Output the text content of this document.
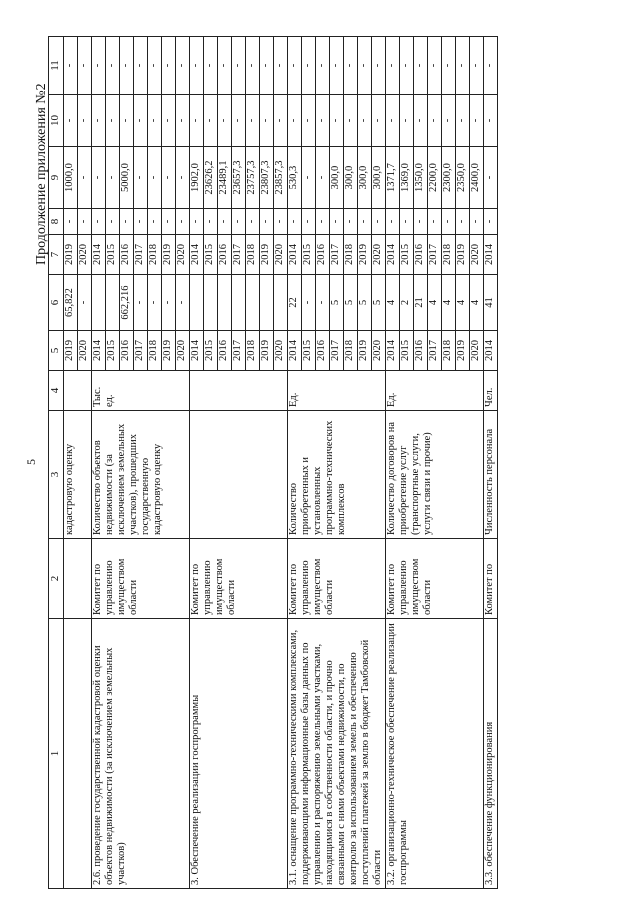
5
Продолжение приложения №2
1	2	3	4	5	6	7	8	9	10	11
		кадастровую оценку		2019	65,822	2019	-	1000,0	-	-
				2020	-	2020	-	-	-	-
2.6. проведение государственной кадастровой оценки объектов недвижимости (за исключением земельных участков)	Комитет по управлению имуществом области	Количество объектов недвижимости (за исключением земельных участков), прошедших государственную кадастровую оценку	Тыс. ед.	2014		2014	-	-	-	-
				2015		2015	-	-	-	-
				2016	662,216	2016	-	5000,0	-	-
				2017	-	2017	-	-	-	-
				2018	-	2018	-	-	-	-
				2019	-	2019	-	-	-	-
				2020	-	2020	-	-	-	-
3. Обеспечение реализации госпрограммы	Комитет по управлению имуществом области			2014		2014	-	1902,0	-	-
				2015		2015	-	23626,2	-	-
				2016		2016	-	23489,1	-	-
				2017		2017	-	23657,3	-	-
				2018		2018	-	23757,3	-	-
				2019		2019	-	23807,3	-	-
				2020		2020	-	23857,3	-	-
3.1. оснащение программно-техническими комплексами, поддерживающими информационные базы данных по управлению и распоряжению земельными участками, находящимися в собственности области, и прочно связанными с ними объектами недвижимости, по контролю за использованием земель и обеспечению поступлений платежей за землю в бюджет Тамбовской области	Комитет по управлению имуществом области	Количество приобретенных и установленных программно-технических комплексов	Ед.	2014	22	2014	-	530,3	-	-
				2015	-	2015	-	-	-	-
				2016	-	2016	-	-	-	-
				2017	5	2017	-	300,0	-	-
				2018	5	2018	-	300,0	-	-
				2019	5	2019	-	300,0	-	-
				2020	5	2020	-	300,0	-	-
3.2. организационно-техническое обеспечение реализации госпрограммы	Комитет по управлению имуществом области	Количество договоров на приобретение услуг (транспортные услуги, услуги связи и прочие)	Ед.	2014	4	2014	-	1371,7	-	-
				2015	2	2015	-	1369,0	-	-
				2016	21	2016	-	1350,0	-	-
				2017	4	2017	-	2200,0	-	-
				2018	4	2018	-	2300,0	-	-
				2019	4	2019	-	2350,0	-	-
				2020	4	2020	-	2400,0	-	-
3.3. обеспечение функционирования	Комитет по	Численность персонала	Чел.	2014	41	2014	-	-	-	-
